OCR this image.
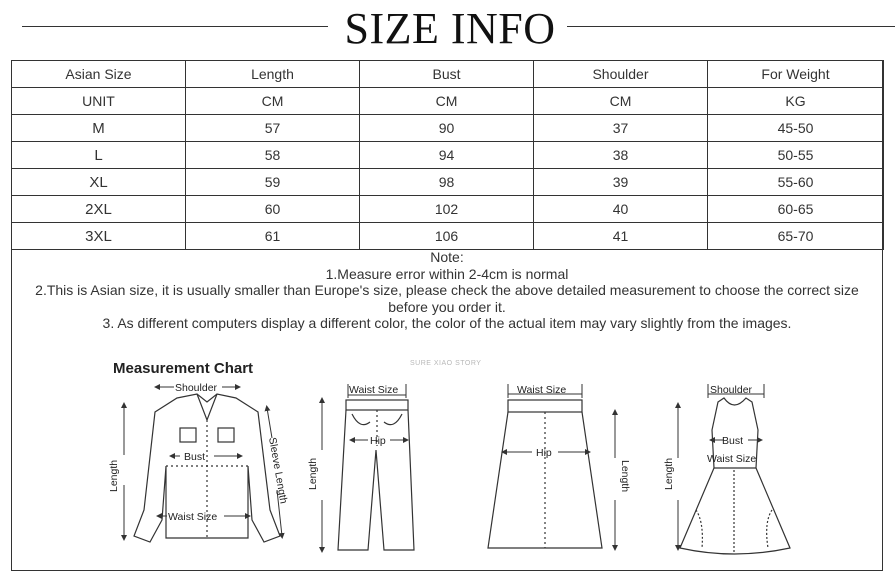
SIZE INFO
Asian Size	Length	Bust	Shoulder	For Weight
UNIT	CM	CM	CM	KG
M	57	90	37	45-50
L	58	94	38	50-55
XL	59	98	39	55-60
2XL	60	102	40	60-65
3XL	61	106	41	65-70
Note:
1.Measure error within 2-4cm is normal
2.This is Asian size, it is usually smaller than Europe's size, please check the above detailed measurement to choose the correct size
before you order it.
3. As different computers display a different color, the color of the actual item may vary slightly from the images.
Shoulder
Bust
Waist Size
Length	Sleeve Length
Waist Size
Hip
Length
Waist Size
Hip
Length
Shoulder
Bust
Waist Size
Length
Measurement Chart	SURE XIAO STORY
